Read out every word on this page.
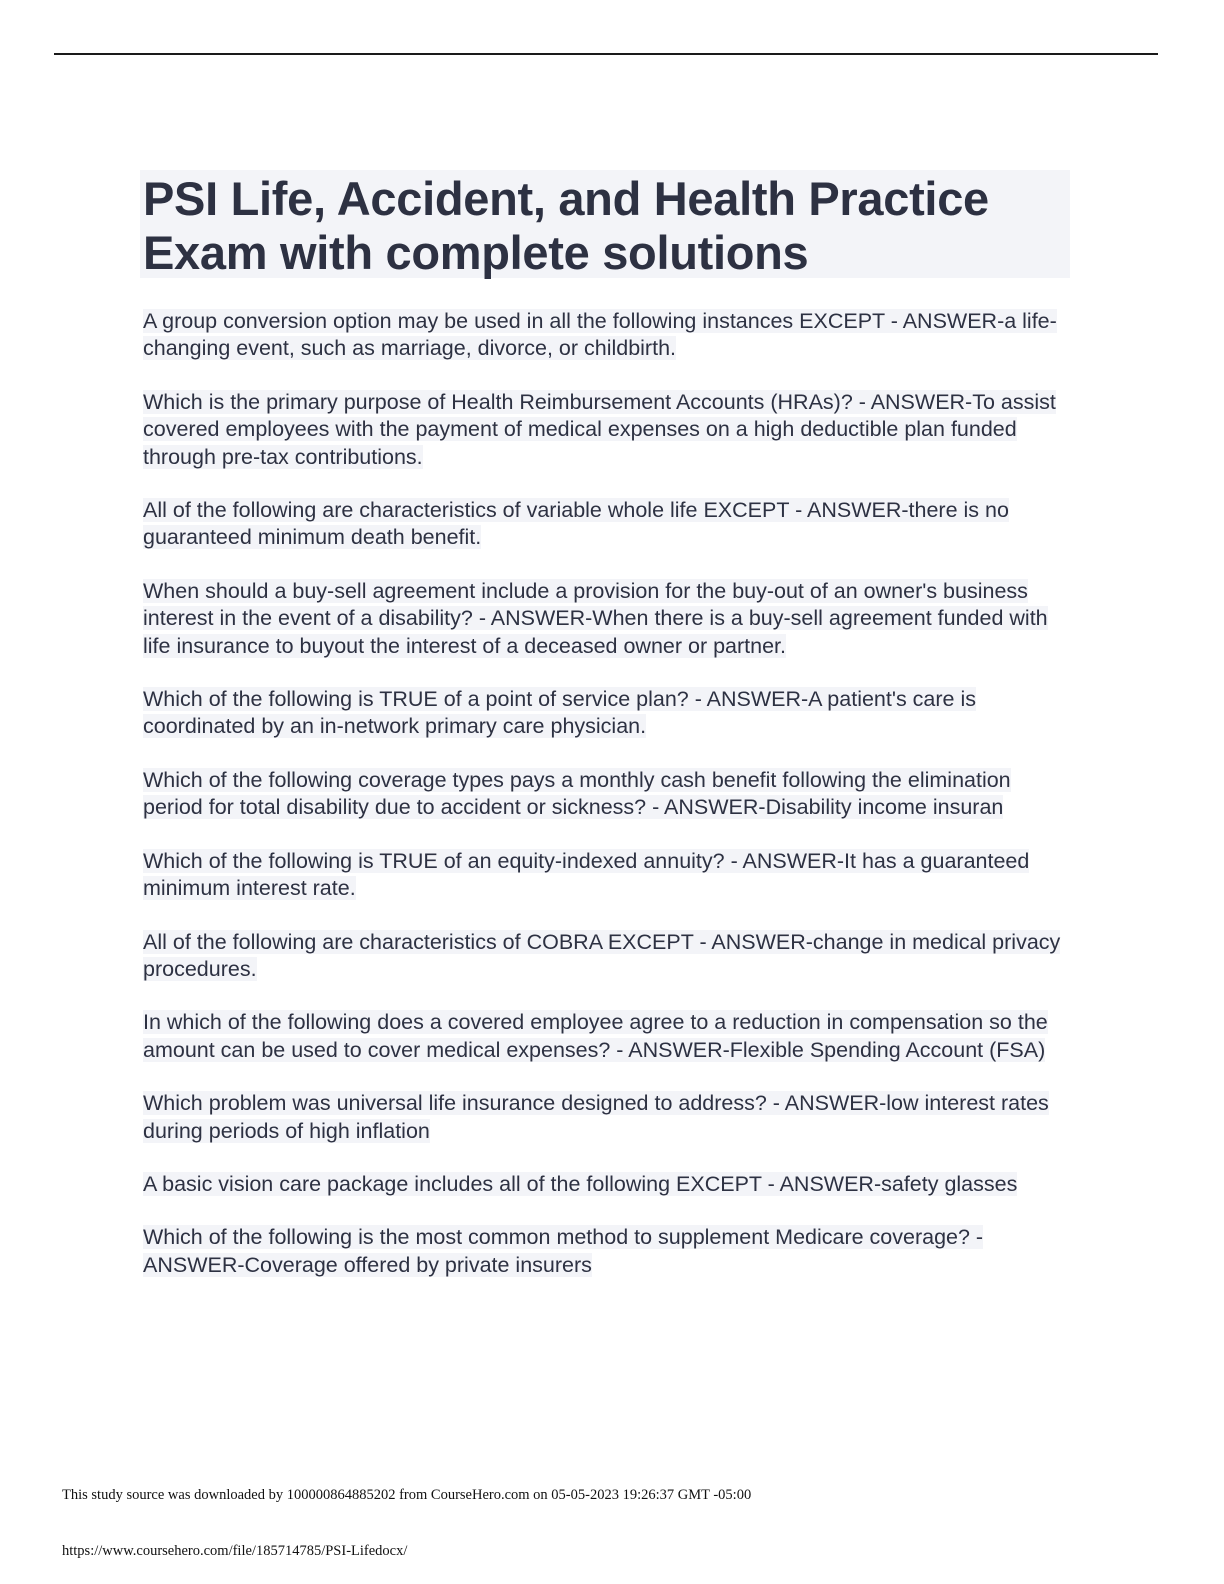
PSI Life, Accident, and Health Practice Exam with complete solutions

A group conversion option may be used in all the following instances EXCEPT - ANSWER-a life-changing event, such as marriage, divorce, or childbirth.

Which is the primary purpose of Health Reimbursement Accounts (HRAs)? - ANSWER-To assist covered employees with the payment of medical expenses on a high deductible plan funded through pre-tax contributions.

All of the following are characteristics of variable whole life EXCEPT - ANSWER-there is no guaranteed minimum death benefit.

When should a buy-sell agreement include a provision for the buy-out of an owner's business interest in the event of a disability? - ANSWER-When there is a buy-sell agreement funded with life insurance to buyout the interest of a deceased owner or partner.

Which of the following is TRUE of a point of service plan? - ANSWER-A patient's care is coordinated by an in-network primary care physician.

Which of the following coverage types pays a monthly cash benefit following the elimination period for total disability due to accident or sickness? - ANSWER-Disability income insuran

Which of the following is TRUE of an equity-indexed annuity? - ANSWER-It has a guaranteed minimum interest rate.

All of the following are characteristics of COBRA EXCEPT - ANSWER-change in medical privacy procedures.

In which of the following does a covered employee agree to a reduction in compensation so the amount can be used to cover medical expenses? - ANSWER-Flexible Spending Account (FSA)

Which problem was universal life insurance designed to address? - ANSWER-low interest rates during periods of high inflation

A basic vision care package includes all of the following EXCEPT - ANSWER-safety glasses

Which of the following is the most common method to supplement Medicare coverage? - ANSWER-Coverage offered by private insurers

This study source was downloaded by 100000864885202 from CourseHero.com on 05-05-2023 19:26:37 GMT -05:00
https://www.coursehero.com/file/185714785/PSI-Lifedocx/
